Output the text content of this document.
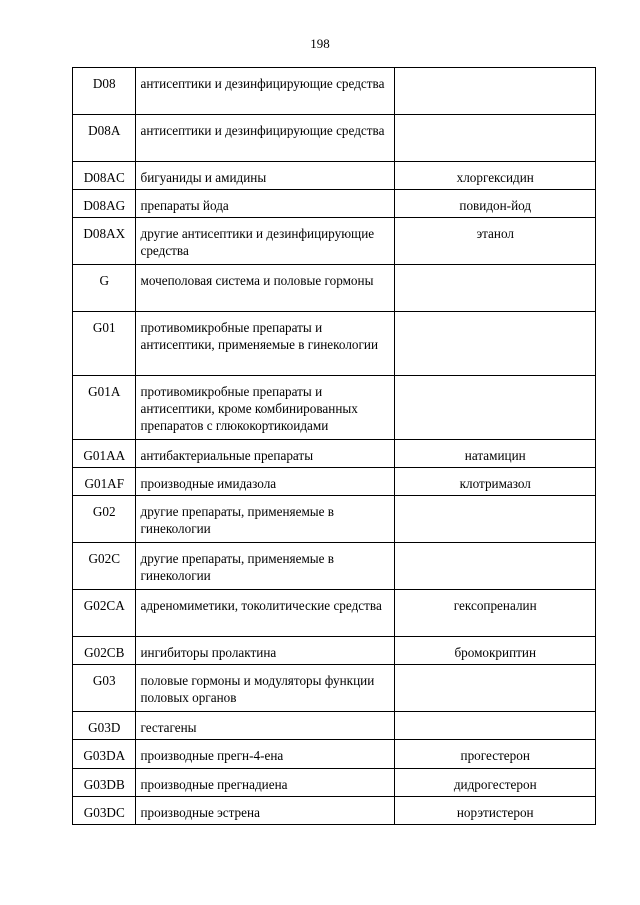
198
D08	антисептики и дезинфицирующие средства	
D08A	антисептики и дезинфицирующие средства	
D08AC	бигуаниды и амидины	хлоргексидин
D08AG	препараты йода	повидон-йод
D08AX	другие антисептики и дезинфицирующие средства	этанол
G	мочеполовая система и половые гормоны	
G01	противомикробные препараты и антисептики, применяемые в гинекологии	
G01A	противомикробные препараты и антисептики, кроме комбинированных препаратов с глюкокортикоидами	
G01AA	антибактериальные препараты	натамицин
G01AF	производные имидазола	клотримазол
G02	другие препараты, применяемые в гинекологии	
G02C	другие препараты, применяемые в гинекологии	
G02CA	адреномиметики, токолитические средства	гексопреналин
G02CB	ингибиторы пролактина	бромокриптин
G03	половые гормоны и модуляторы функции половых органов	
G03D	гестагены	
G03DA	производные прегн-4-ена	прогестерон
G03DB	производные прегнадиена	дидрогестерон
G03DC	производные эстрена	норэтистерон
